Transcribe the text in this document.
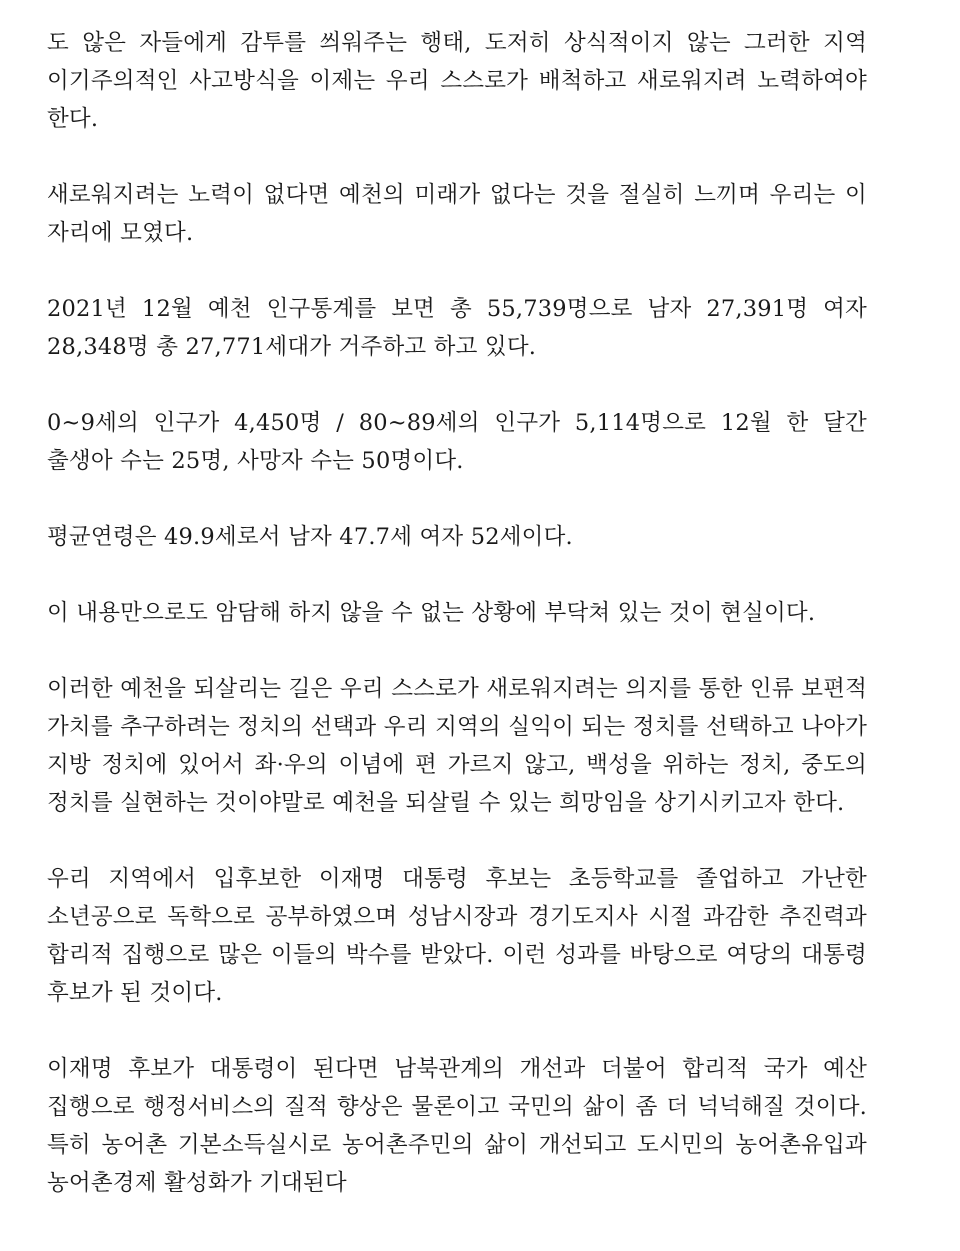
도 않은 자들에게 감투를 씌워주는 행태, 도저히 상식적이지 않는 그러한 지역 이기주의적인 사고방식을 이제는 우리 스스로가 배척하고 새로워지려 노력하여야 한다.

새로워지려는 노력이 없다면 예천의 미래가 없다는 것을 절실히 느끼며 우리는 이 자리에 모였다.

2021년 12월 예천 인구통계를 보면 총 55,739명으로 남자 27,391명 여자 28,348명 총 27,771세대가 거주하고 하고 있다.

0~9세의 인구가 4,450명 / 80~89세의 인구가 5,114명으로 12월 한 달간 출생아 수는 25명, 사망자 수는 50명이다.

평균연령은 49.9세로서 남자 47.7세 여자 52세이다.

이 내용만으로도 암담해 하지 않을 수 없는 상황에 부닥쳐 있는 것이 현실이다.

이러한 예천을 되살리는 길은 우리 스스로가 새로워지려는 의지를 통한 인류 보편적 가치를 추구하려는 정치의 선택과 우리 지역의 실익이 되는 정치를 선택하고 나아가 지방 정치에 있어서 좌·우의 이념에 편 가르지 않고, 백성을 위하는 정치, 중도의 정치를 실현하는 것이야말로 예천을 되살릴 수 있는 희망임을 상기시키고자 한다.

우리 지역에서 입후보한 이재명 대통령 후보는 초등학교를 졸업하고 가난한 소년공으로 독학으로 공부하였으며 성남시장과 경기도지사 시절 과감한 추진력과 합리적 집행으로 많은 이들의 박수를 받았다. 이런 성과를 바탕으로 여당의 대통령 후보가 된 것이다.

이재명 후보가 대통령이 된다면 남북관계의 개선과 더불어 합리적 국가 예산 집행으로 행정서비스의 질적 향상은 물론이고 국민의 삶이 좀 더 넉넉해질 것이다. 특히 농어촌 기본소득실시로 농어촌주민의 삶이 개선되고 도시민의 농어촌유입과 농어촌경제 활성화가 기대된다
